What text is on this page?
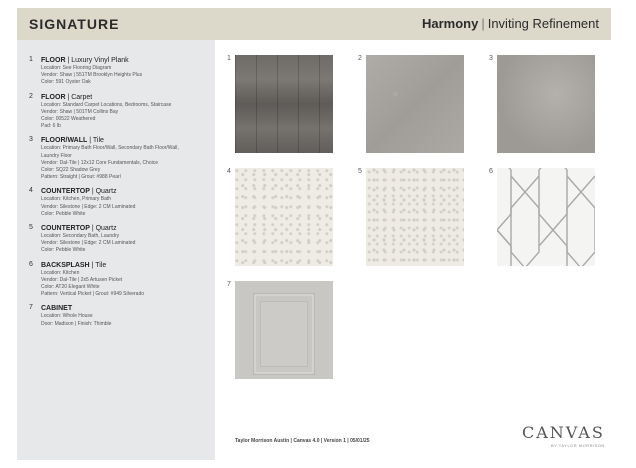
SIGNATURE	Harmony | Inviting Refinement
1 FLOOR | Luxury Vinyl Plank
Location: See Flooring Diagram
Vendor: Shaw | 551TM Brooklyn Heights Plus
Color: 591 Oyster Oak
2 FLOOR | Carpet
Location: Standard Carpet Locations, Bedrooms, Staircase
Vendor: Shaw | 501TM Collins Bay
Color: 00522 Weathered
Pad: 6 lb
3 FLOOR/WALL | Tile
Location: Primary Bath Floor/Wall, Secondary Bath Floor/Wall,
Laundry Floor
Vendor: Dal-Tile | 12x12 Core Fundamentals, Choice
Color: SQ22 Shadow Grey
Pattern: Straight | Grout: #988 Pearl
4 COUNTERTOP | Quartz
Location: Kitchen, Primary Bath
Vendor: Silestone | Edge: 2 CM Laminated
Color: Pebble White
5 COUNTERTOP | Quartz
Location: Secondary Bath, Laundry
Vendor: Silestone | Edge: 2 CM Laminated
Color: Pebble White
6 BACKSPLASH | Tile
Location: Kitchen
Vendor: Dal-Tile | 2x5 Artusen Picket
Color: AT20 Elegant White
Pattern: Vertical Picket | Grout: #949 Silverado
7 CABINET
Location: Whole House
Door: Madison | Finish: Thimble
1	2	3
4	5	6
7
Taylor Morrison Austin | Canvas 4.0 | Version 1 | 05/01/25	CANVAS
BY TAYLOR MORRISON
